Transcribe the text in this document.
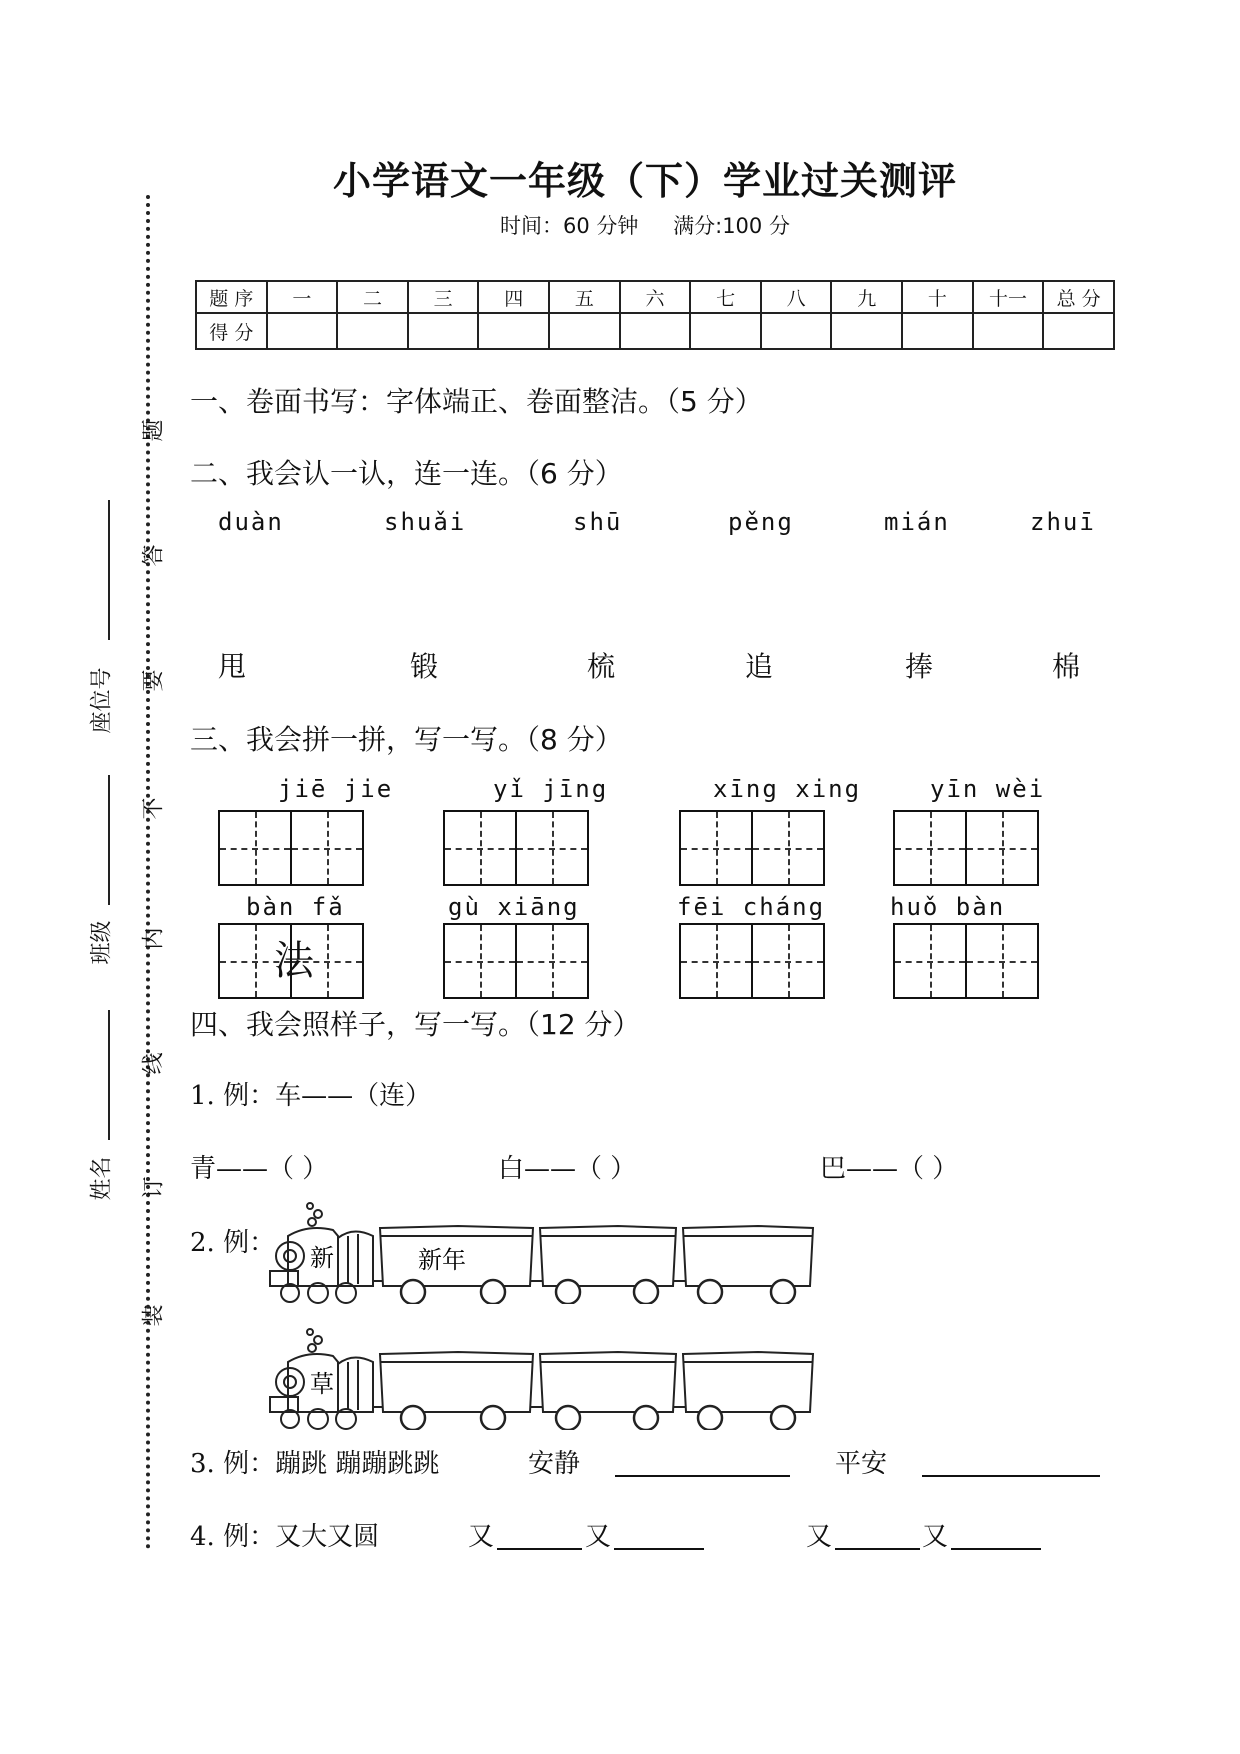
装
订
线
内
不
要
答
题
姓名
班级
座位号
小学语文一年级（下）学业过关测评
时间：60 分钟 满分:100 分
题 序	一	二	三	四	五	六	七	八	九	十	十一	总 分
得 分												
一、卷面书写：字体端正、卷面整洁。（5 分）
二、我会认一认，连一连。（6 分）
duàn	shuǎi	shū	pěng	mián	zhuī
甩	锻	梳	追	捧	棉
三、我会拼一拼，写一写。（8 分）
jiē jie	yǐ jīng	xīng xing	yīn wèi
bàn fǎ	gù xiāng	fēi cháng	huǒ bàn
法
四、我会照样子，写一写。（12 分）
1. 例：车——（连）
青——（ ）	白——（ ）	巴——（ ）
2. 例： 新	新年
草
3. 例：蹦跳 蹦蹦跳跳	安静	平安
4. 例：又大又圆	又	又	又	又
